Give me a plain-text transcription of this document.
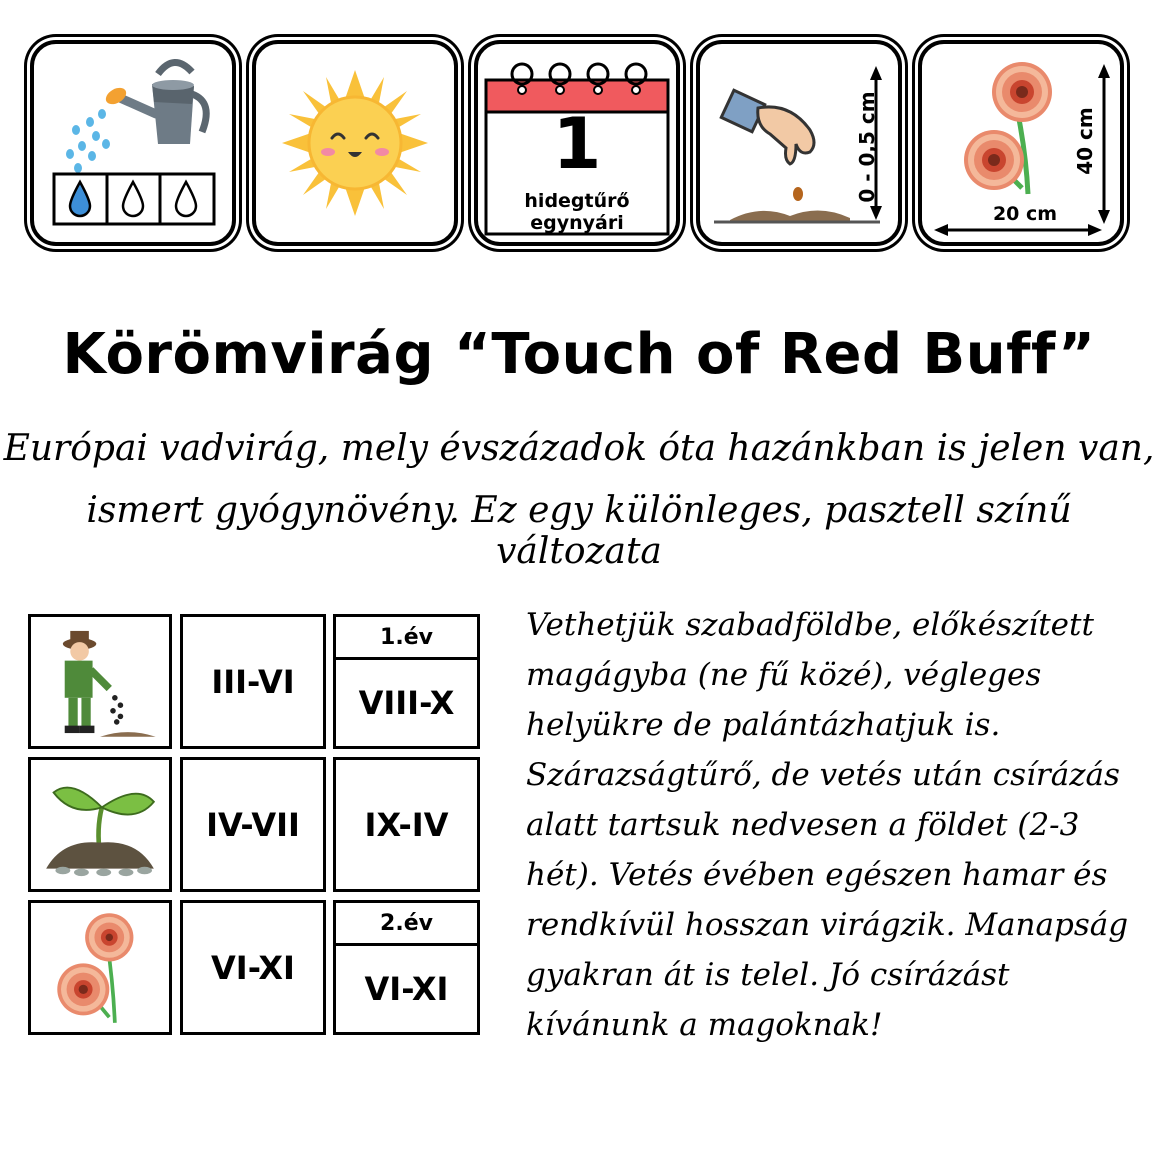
1
hidegtűrő
egynyári
0 - 0,5 cm	40 cm
20 cm
Körömvirág “Touch of Red Buff”
Európai vadvirág, mely évszázadok óta hazánkban is jelen van,
ismert gyógynövény. Ez egy különleges, pasztell színű változata
III-VI
1.év
VIII-X
IV-VII	IX-IV
VI-XI
2.év
VI-XI
Vethetjük szabadföldbe, előkészített
magágyba (ne fű közé), végleges
helyükre de palántázhatjuk is.
Szárazságtűrő, de vetés után csírázás
alatt tartsuk nedvesen a földet (2-3
hét). Vetés évében egészen hamar és
rendkívül hosszan virágzik. Manapság
gyakran át is telel. Jó csírázást
kívánunk a magoknak!
